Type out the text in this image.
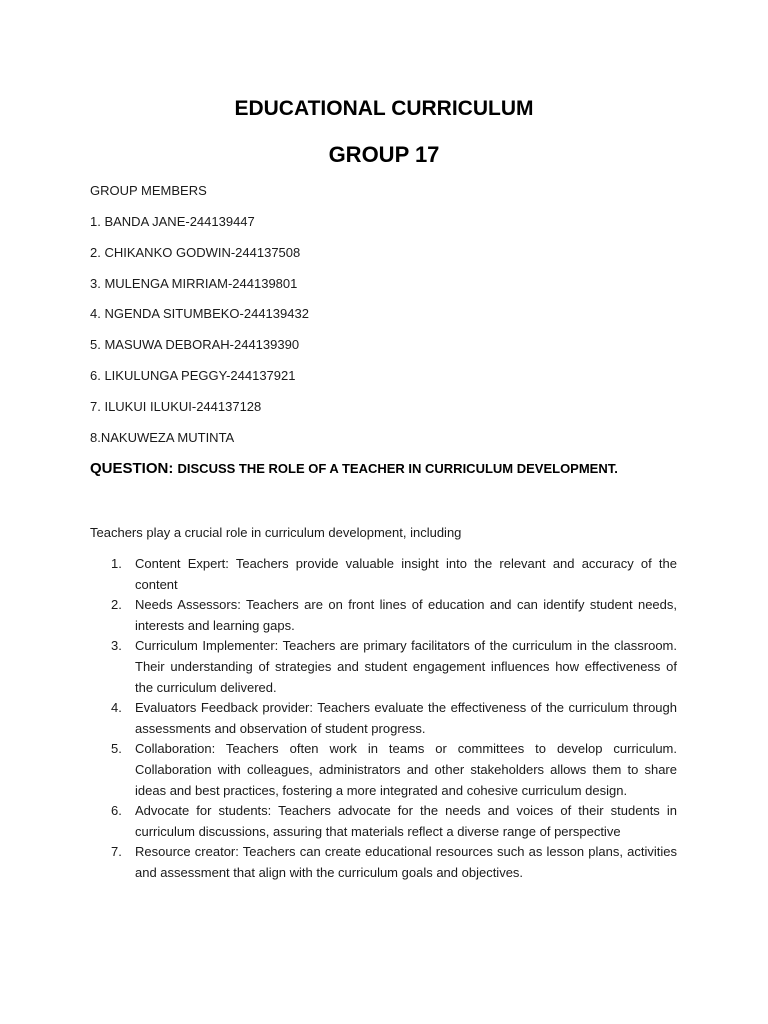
EDUCATIONAL CURRICULUM
GROUP 17

GROUP MEMBERS

1. BANDA JANE-244139447
2. CHIKANKO GODWIN-244137508
3. MULENGA MIRRIAM-244139801
4. NGENDA SITUMBEKO-244139432
5. MASUWA DEBORAH-244139390
6. LIKULUNGA PEGGY-244137921
7. ILUKUI ILUKUI-244137128
8.NAKUWEZA MUTINTA

QUESTION: DISCUSS THE ROLE OF A TEACHER IN CURRICULUM DEVELOPMENT.

Teachers play a crucial role in curriculum development, including

1. Content Expert: Teachers provide valuable insight into the relevant and accuracy of the content
2. Needs Assessors: Teachers are on front lines of education and can identify student needs, interests and learning gaps.
3. Curriculum Implementer: Teachers are primary facilitators of the curriculum in the classroom. Their understanding of strategies and student engagement influences how effectiveness of the curriculum delivered.
4. Evaluators Feedback provider: Teachers evaluate the effectiveness of the curriculum through assessments and observation of student progress.
5. Collaboration: Teachers often work in teams or committees to develop curriculum. Collaboration with colleagues, administrators and other stakeholders allows them to share ideas and best practices, fostering a more integrated and cohesive curriculum design.
6. Advocate for students: Teachers advocate for the needs and voices of their students in curriculum discussions, assuring that materials reflect a diverse range of perspective
7. Resource creator: Teachers can create educational resources such as lesson plans, activities and assessment that align with the curriculum goals and objectives.
